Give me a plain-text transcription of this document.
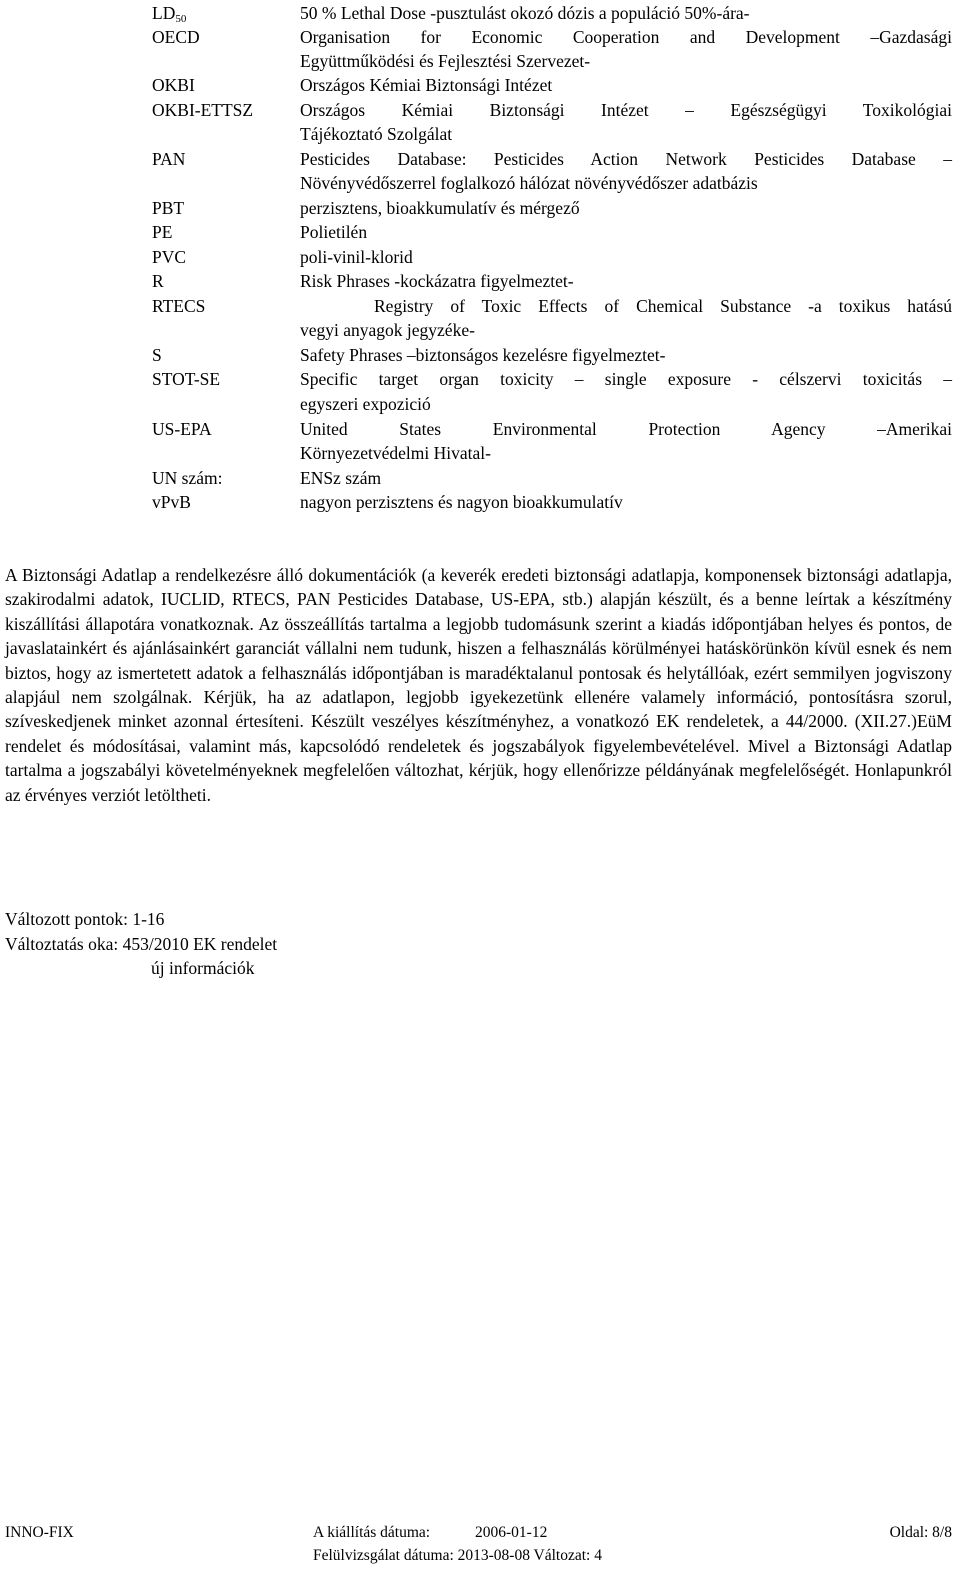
$LD_{50}$	50 % Lethal Dose -pusztulást okozó dózis a populáció 50%-ára-
OECD	Organisation for Economic Cooperation and Development –Gazdasági
Együttműködési és Fejlesztési Szervezet-
OKBI	Országos Kémiai Biztonsági Intézet
OKBI-ETTSZ	Országos Kémiai Biztonsági Intézet – Egészségügyi Toxikológiai
Tájékoztató Szolgálat
PAN	Pesticides Database: Pesticides Action Network Pesticides Database –
Növényvédőszerrel foglalkozó hálózat növényvédőszer adatbázis
PBT	perzisztens, bioakkumulatív és mérgező
PE	Polietilén
PVC	poli-vinil-klorid
R	Risk Phrases -kockázatra figyelmeztet-
RTECS	Registry of Toxic Effects of Chemical Substance -a toxikus hatású
vegyi anyagok jegyzéke-
S	Safety Phrases –biztonságos kezelésre figyelmeztet-
STOT-SE	Specific target organ toxicity – single exposure - célszervi toxicitás –
egyszeri expozició
US-EPA	United States Environmental Protection Agency –Amerikai
Környezetvédelmi Hivatal-
UN szám:	ENSz szám
vPvB	nagyon perzisztens és nagyon bioakkumulatív

A Biztonsági Adatlap a rendelkezésre álló dokumentációk (a keverék eredeti biztonsági adatlapja, komponensek biztonsági adatlapja, szakirodalmi adatok, IUCLID, RTECS, PAN Pesticides Database, US-EPA, stb.) alapján készült, és a benne leírtak a készítmény kiszállítási állapotára vonatkoznak. Az összeállítás tartalma a legjobb tudomásunk szerint a kiadás időpontjában helyes és pontos, de javaslatainkért és ajánlásainkért garanciát vállalni nem tudunk, hiszen a felhasználás körülményei hatáskörünkön kívül esnek és nem biztos, hogy az ismertetett adatok a felhasználás időpontjában is maradéktalanul pontosak és helytállóak, ezért semmilyen jogviszony alapjául nem szolgálnak. Kérjük, ha az adatlapon, legjobb igyekezetünk ellenére valamely információ, pontosításra szorul, szíveskedjenek minket azonnal értesíteni. Készült veszélyes készítményhez, a vonatkozó EK rendeletek, a 44/2000. (XII.27.)EüM rendelet és módosításai, valamint más, kapcsolódó rendeletek és jogszabályok figyelembevételével. Mivel a Biztonsági Adatlap tartalma a jogszabályi követelményeknek megfelelően változhat, kérjük, hogy ellenőrizze példányának megfelelőségét. Honlapunkról az érvényes verziót letöltheti.

Változott pontok: 1-16
Változtatás oka: 453/2010 EK rendelet
új információk
INNO-FIX	A kiállítás dátuma:	2006-01-12	Oldal: 8/8
Felülvizsgálat dátuma: 2013-08-08 Változat: 4
